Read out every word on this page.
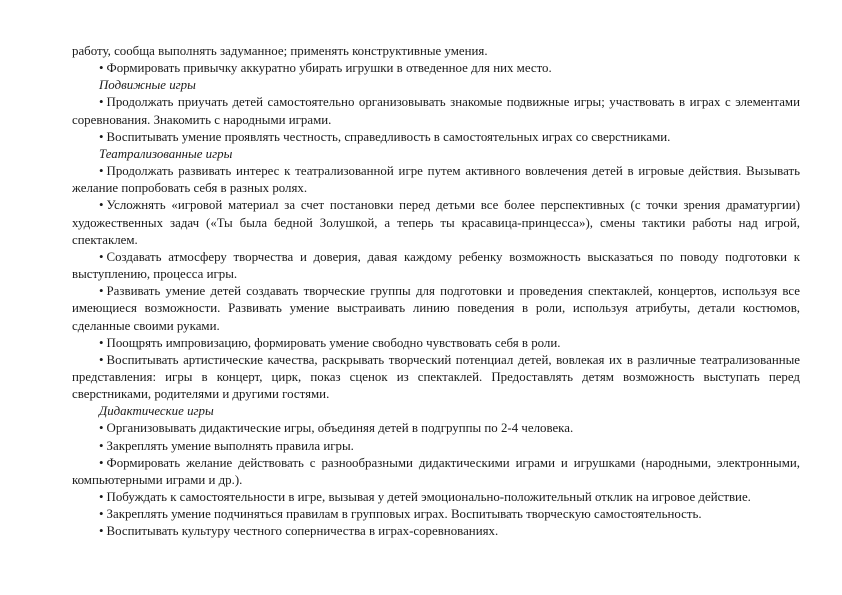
работу, сообща выполнять задуманное; применять конструктивные умения.

• Формировать привычку аккуратно убирать игрушки в отведенное для них место.

Подвижные игры

• Продолжать приучать детей самостоятельно организовывать знакомые подвижные игры; участвовать в играх с элементами соревнования. Знакомить с народными играми.

• Воспитывать умение проявлять честность, справедливость в самостоятельных играх со сверстниками.

Театрализованные игры

• Продолжать развивать интерес к театрализованной игре путем активного вовлечения детей в игровые действия. Вызывать желание попробовать себя в разных ролях.

• Усложнять «игровой материал за счет постановки перед детьми все более перспективных (с точки зрения драматургии) художественных задач («Ты была бедной Золушкой, а теперь ты красавица-принцесса»), смены тактики работы над игрой, спектаклем.

• Создавать атмосферу творчества и доверия, давая каждому ребенку возможность высказаться по поводу подготовки к выступлению, процесса игры.

• Развивать умение детей создавать творческие группы для подготовки и проведения спектаклей, концертов, используя все имеющиеся возможности. Развивать умение выстраивать линию поведения в роли, используя атрибуты, детали костюмов, сделанные своими руками.

• Поощрять импровизацию, формировать умение свободно чувствовать себя в роли.

• Воспитывать артистические качества, раскрывать творческий потенциал детей, вовлекая их в различные театрализованные представления: игры в концерт, цирк, показ сценок из спектаклей. Предоставлять детям возможность выступать перед сверстниками, родителями и другими гостями.

Дидактические игры

• Организовывать дидактические игры, объединяя детей в подгруппы по 2-4 человека.

• Закреплять умение выполнять правила игры.

• Формировать желание действовать с разнообразными дидактическими играми и игрушками (народными, электронными, компьютерными играми и др.).

• Побуждать к самостоятельности в игре, вызывая у детей эмоционально-положительный отклик на игровое действие.

• Закреплять умение подчиняться правилам в групповых играх. Воспитывать творческую самостоятельность.

• Воспитывать культуру честного соперничества в играх-соревнованиях.
